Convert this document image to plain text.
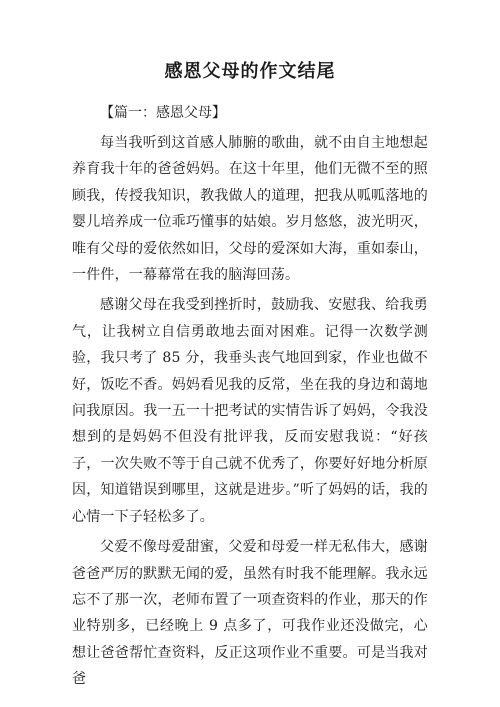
感恩父母的作文结尾

【篇一：感恩父母】

每当我听到这首感人肺腑的歌曲，就不由自主地想起养育我十年的爸爸妈妈。在这十年里，他们无微不至的照顾我，传授我知识，教我做人的道理，把我从呱呱落地的婴儿培养成一位乖巧懂事的姑娘。岁月悠悠，波光明灭，唯有父母的爱依然如旧，父母的爱深如大海，重如泰山，一件件，一幕幕常在我的脑海回荡。

感谢父母在我受到挫折时，鼓励我、安慰我、给我勇气，让我树立自信勇敢地去面对困难。记得一次数学测验，我只考了 85 分，我垂头丧气地回到家，作业也做不好，饭吃不香。妈妈看见我的反常，坐在我的身边和蔼地问我原因。我一五一十把考试的实情告诉了妈妈，令我没想到的是妈妈不但没有批评我，反而安慰我说：“好孩子，一次失败不等于自己就不优秀了，你要好好地分析原因，知道错误到哪里，这就是进步。”听了妈妈的话，我的心情一下子轻松多了。

父爱不像母爱甜蜜，父爱和母爱一样无私伟大，感谢爸爸严厉的默默无闻的爱，虽然有时我不能理解。我永远忘不了那一次，老师布置了一项查资料的作业，那天的作业特别多，已经晚上 9 点多了，可我作业还没做完，心想让爸爸帮忙查资料，反正这项作业不重要。可是当我对爸
